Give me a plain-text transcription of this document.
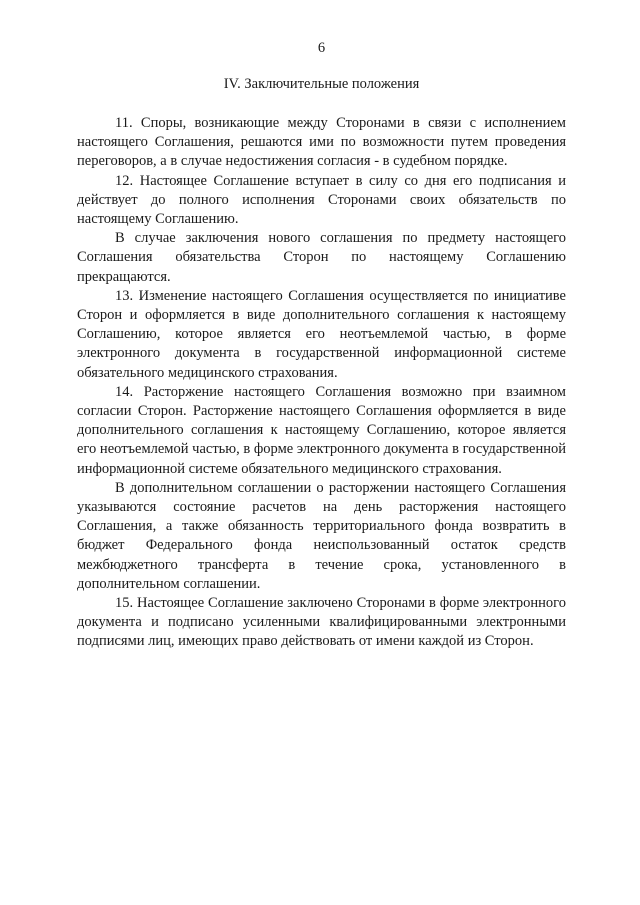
6
IV. Заключительные положения

11. Споры, возникающие между Сторонами в связи с исполнением настоящего Соглашения, решаются ими по возможности путем проведения переговоров, а в случае недостижения согласия - в судебном порядке.

12. Настоящее Соглашение вступает в силу со дня его подписания и действует до полного исполнения Сторонами своих обязательств по настоящему Соглашению.

В случае заключения нового соглашения по предмету настоящего Соглашения обязательства Сторон по настоящему Соглашению прекращаются.

13. Изменение настоящего Соглашения осуществляется по инициативе Сторон и оформляется в виде дополнительного соглашения к настоящему Соглашению, которое является его неотъемлемой частью, в форме электронного документа в государственной информационной системе обязательного медицинского страхования.

14. Расторжение настоящего Соглашения возможно при взаимном согласии Сторон. Расторжение настоящего Соглашения оформляется в виде дополнительного соглашения к настоящему Соглашению, которое является его неотъемлемой частью, в форме электронного документа в государственной информационной системе обязательного медицинского страхования.

В дополнительном соглашении о расторжении настоящего Соглашения указываются состояние расчетов на день расторжения настоящего Соглашения, а также обязанность территориального фонда возвратить в бюджет Федерального фонда неиспользованный остаток средств межбюджетного трансферта в течение срока, установленного в дополнительном соглашении.

15. Настоящее Соглашение заключено Сторонами в форме электронного документа и подписано усиленными квалифицированными электронными подписями лиц, имеющих право действовать от имени каждой из Сторон.
